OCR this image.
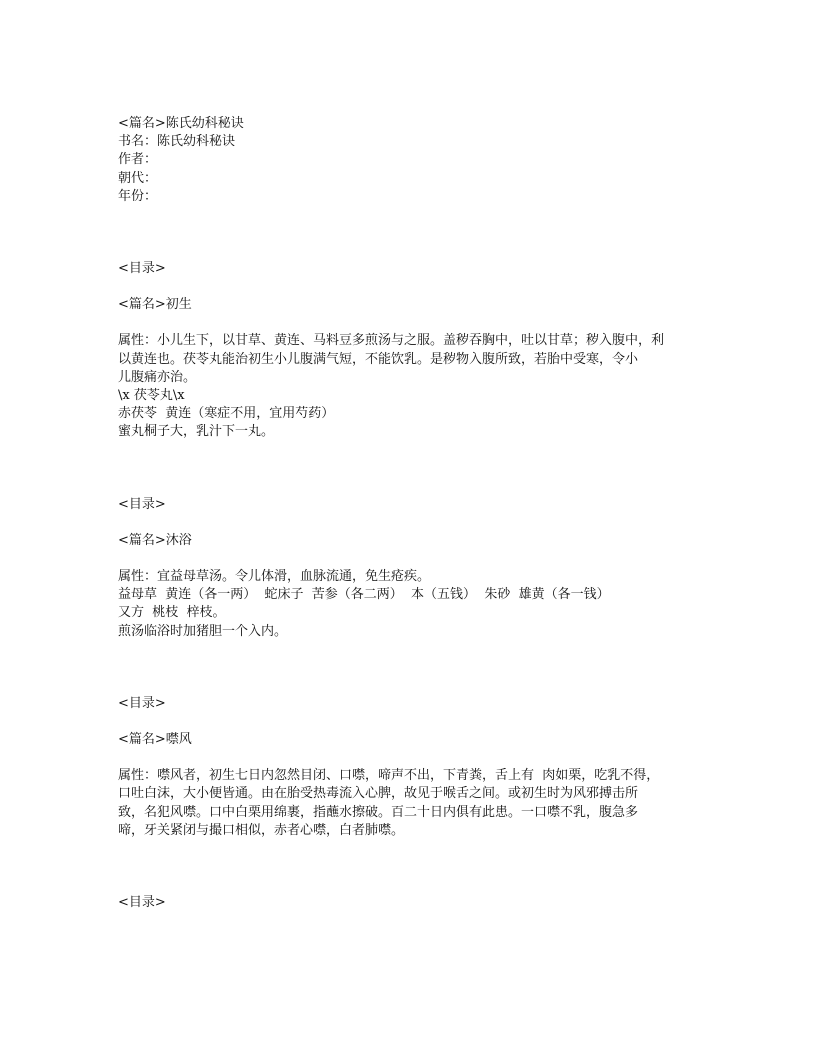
<篇名>陈氏幼科秘诀

书名：陈氏幼科秘诀

作者：

朝代：

年份：

<目录>

<篇名>初生

属性：小儿生下，以甘草、黄连、马料豆多煎汤与之服。盖秽吞胸中，吐以甘草；秽入腹中，利

以黄连也。茯苓丸能治初生小儿腹满气短，不能饮乳。是秽物入腹所致，若胎中受寒，令小

儿腹痛亦治。

\x 茯苓丸\x

赤茯苓  黄连（寒症不用，宜用芍药）

蜜丸桐子大，乳汁下一丸。

<目录>

<篇名>沐浴

属性：宜益母草汤。令儿体滑，血脉流通，免生疮疾。

益母草  黄连（各一两）  蛇床子  苦参（各二两）  本（五钱）  朱砂  雄黄（各一钱）

又方  桃枝  梓枝。

煎汤临浴时加猪胆一个入内。

<目录>

<篇名>噤风

属性：噤风者，初生七日内忽然目闭、口噤，啼声不出，下青粪，舌上有  肉如栗，吃乳不得，

口吐白沫，大小便皆通。由在胎受热毒流入心脾，故见于喉舌之间。或初生时为风邪搏击所

致，名犯风噤。口中白栗用绵裹，指蘸水擦破。百二十日内俱有此患。一口噤不乳，腹急多

啼，牙关紧闭与撮口相似，赤者心噤，白者肺噤。

<目录>
